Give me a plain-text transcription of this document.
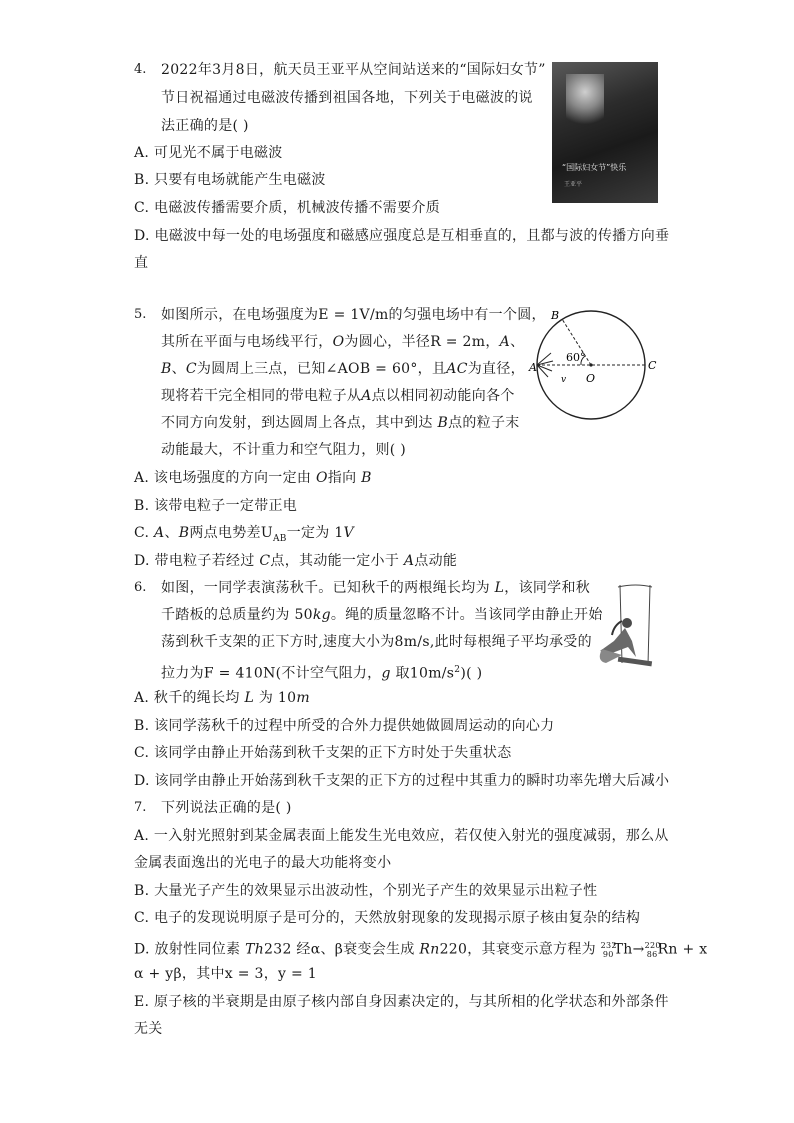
4. 2022年3月8日，航天员王亚平从空间站送来的“国际妇女节”
节日祝福通过电磁波传播到祖国各地，下列关于电磁波的说
法正确的是( )
“国际妇女节”快乐
王亚平
A. 可见光不属于电磁波
B. 只要有电场就能产生电磁波
C. 电磁波传播需要介质，机械波传播不需要介质
D. 电磁波中每一处的电场强度和磁感应强度总是互相垂直的，且都与波的传播方向垂
直
5. 如图所示，在电场强度为E = 1V/m的匀强电场中有一个圆，
其所在平面与电场线平行，O为圆心，半径R = 2m，A、
B、C为圆周上三点，已知∠AOB = 60°，且AC为直径，
现将若干完全相同的带电粒子从A点以相同初动能向各个
不同方向发射，到达圆周上各点，其中到达 B点的粒子末
动能最大，不计重力和空气阻力，则( )
B
A	C
O
v
60°
A. 该电场强度的方向一定由 O指向 B
B. 该带电粒子一定带正电
C. A、B两点电势差$U_{AB}$一定为 1V
D. 带电粒子若经过 C点，其动能一定小于 A点动能
6. 如图，一同学表演荡秋千。已知秋千的两根绳长均为 L，该同学和秋
千踏板的总质量约为 50kg。绳的质量忽略不计。当该同学由静止开始
荡到秋千支架的正下方时,速度大小为8m/s,此时每根绳子平均承受的
拉力为F = 410N(不计空气阻力，g 取$10m/s^2$)( )
A. 秋千的绳长均 L 为 10m
B. 该同学荡秋千的过程中所受的合外力提供她做圆周运动的向心力
C. 该同学由静止开始荡到秋千支架的正下方时处于失重状态
D. 该同学由静止开始荡到秋千支架的正下方的过程中其重力的瞬时功率先增大后减小
7. 下列说法正确的是( )
A. 一入射光照射到某金属表面上能发生光电效应，若仅使入射光的强度减弱，那么从
金属表面逸出的光电子的最大功能将变小
B. 大量光子产生的效果显示出波动性，个别光子产生的效果显示出粒子性
C. 电子的发现说明原子是可分的，天然放射现象的发现揭示原子核由复杂的结构
D. 放射性同位素 Th232 经α、β衰变会生成 Rn220，其衰变示意方程为 $^{232}_{90}$Th→$^{220}_{86}$Rn + x
α + yβ，其中x = 3，y = 1
E. 原子核的半衰期是由原子核内部自身因素决定的，与其所相的化学状态和外部条件
无关
